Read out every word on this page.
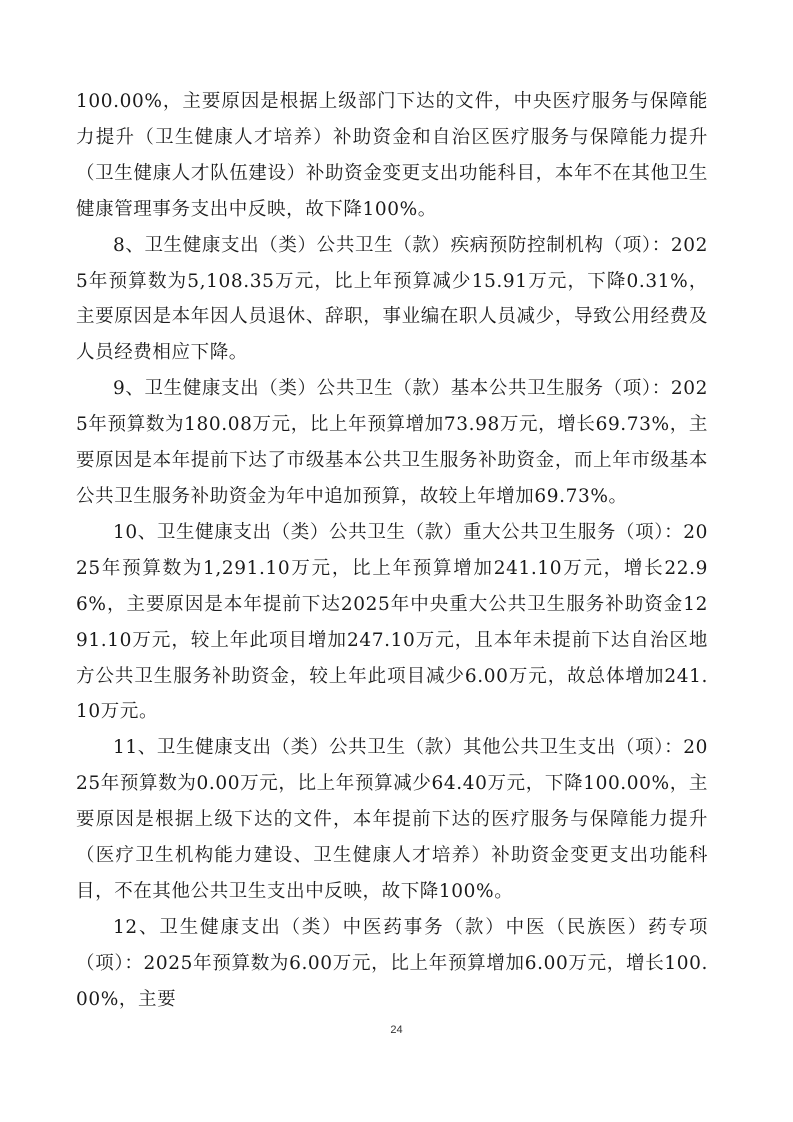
100.00%，主要原因是根据上级部门下达的文件，中央医疗服务与保障能力提升（卫生健康人才培养）补助资金和自治区医疗服务与保障能力提升（卫生健康人才队伍建设）补助资金变更支出功能科目，本年不在其他卫生健康管理事务支出中反映，故下降100%。

8、卫生健康支出（类）公共卫生（款）疾病预防控制机构（项）：2025年预算数为5,108.35万元，比上年预算减少15.91万元，下降0.31%，主要原因是本年因人员退休、辞职，事业编在职人员减少，导致公用经费及人员经费相应下降。

9、卫生健康支出（类）公共卫生（款）基本公共卫生服务（项）：2025年预算数为180.08万元，比上年预算增加73.98万元，增长69.73%，主要原因是本年提前下达了市级基本公共卫生服务补助资金，而上年市级基本公共卫生服务补助资金为年中追加预算，故较上年增加69.73%。

10、卫生健康支出（类）公共卫生（款）重大公共卫生服务（项）：2025年预算数为1,291.10万元，比上年预算增加241.10万元，增长22.96%，主要原因是本年提前下达2025年中央重大公共卫生服务补助资金1291.10万元，较上年此项目增加247.10万元，且本年未提前下达自治区地方公共卫生服务补助资金，较上年此项目减少6.00万元，故总体增加241.10万元。

11、卫生健康支出（类）公共卫生（款）其他公共卫生支出（项）：2025年预算数为0.00万元，比上年预算减少64.40万元，下降100.00%，主要原因是根据上级下达的文件，本年提前下达的医疗服务与保障能力提升（医疗卫生机构能力建设、卫生健康人才培养）补助资金变更支出功能科目，不在其他公共卫生支出中反映，故下降100%。

12、卫生健康支出（类）中医药事务（款）中医（民族医）药专项（项）：2025年预算数为6.00万元，比上年预算增加6.00万元，增长100.00%，主要

24
